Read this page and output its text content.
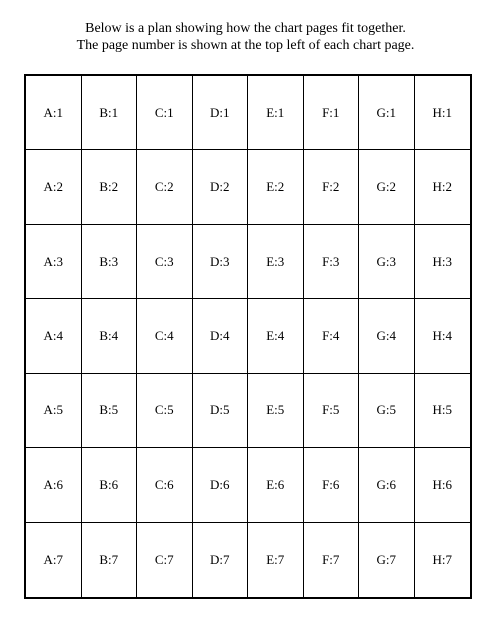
Below is a plan showing how the chart pages fit together.
The page number is shown at the top left of each chart page.
A:1	B:1	C:1	D:1	E:1	F:1	G:1	H:1
A:2	B:2	C:2	D:2	E:2	F:2	G:2	H:2
A:3	B:3	C:3	D:3	E:3	F:3	G:3	H:3
A:4	B:4	C:4	D:4	E:4	F:4	G:4	H:4
A:5	B:5	C:5	D:5	E:5	F:5	G:5	H:5
A:6	B:6	C:6	D:6	E:6	F:6	G:6	H:6
A:7	B:7	C:7	D:7	E:7	F:7	G:7	H:7
